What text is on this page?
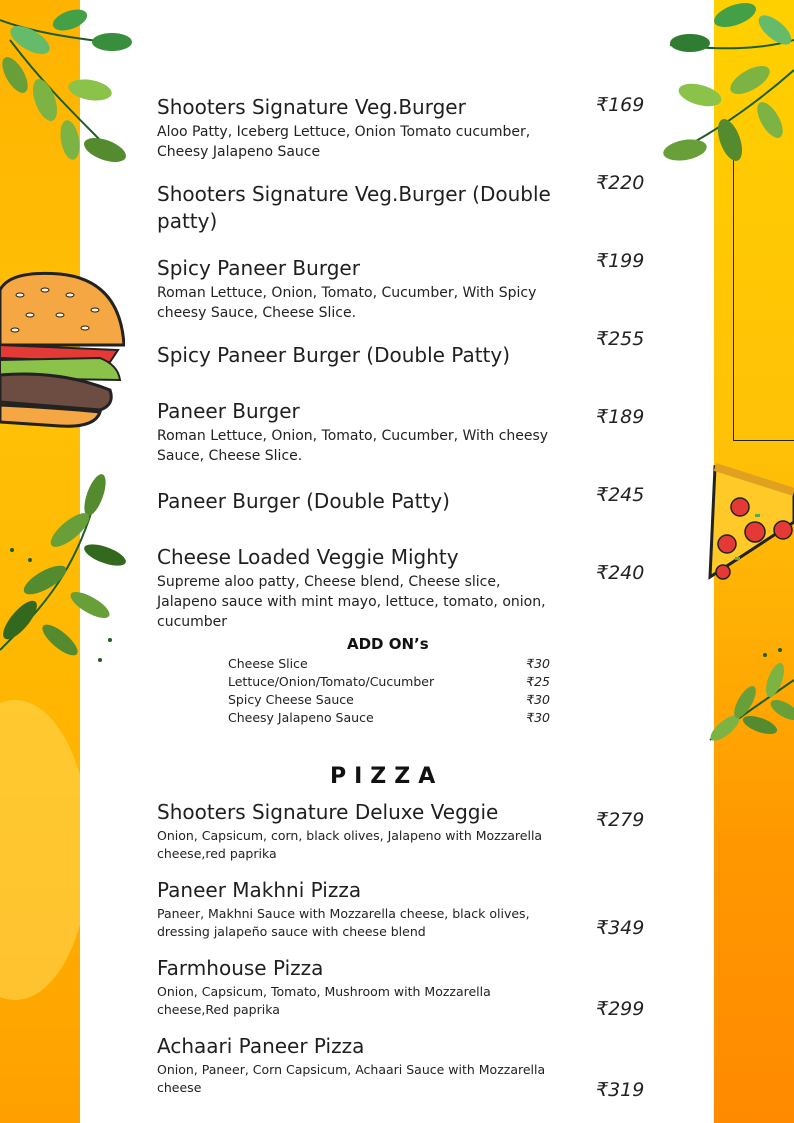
Shooters Signature Veg.Burger

Aloo Patty, Iceberg Lettuce, Onion Tomato cucumber, Cheesy Jalapeno Sauce

₹169

Shooters Signature Veg.Burger (Double patty)

₹220

Spicy Paneer Burger

Roman Lettuce, Onion, Tomato, Cucumber, With Spicy cheesy Sauce, Cheese Slice.

₹199

Spicy Paneer Burger (Double Patty)

₹255

Paneer Burger

Roman Lettuce, Onion, Tomato, Cucumber, With cheesy Sauce, Cheese Slice.

₹189

Paneer Burger (Double Patty)	₹245

Cheese Loaded Veggie Mighty

Supreme aloo patty, Cheese blend, Cheese slice, Jalapeno sauce with mint mayo, lettuce, tomato, onion, cucumber

₹240
ADD ON’s
Cheese Slice	₹30
Lettuce/Onion/Tomato/Cucumber	₹25
Spicy Cheese Sauce	₹30
Cheesy Jalapeno Sauce	₹30
PIZZA

Shooters Signature Deluxe Veggie

Onion, Capsicum, corn, black olives, Jalapeno with Mozzarella cheese,red paprika

₹279

Paneer Makhni Pizza

Paneer, Makhni Sauce with Mozzarella cheese, black olives, dressing jalapeño sauce with cheese blend	₹349

Farmhouse Pizza

Onion, Capsicum, Tomato, Mushroom with Mozzarella cheese,Red paprika	₹299

Achaari Paneer Pizza

Onion, Paneer, Corn Capsicum, Achaari Sauce with Mozzarella cheese	₹319
